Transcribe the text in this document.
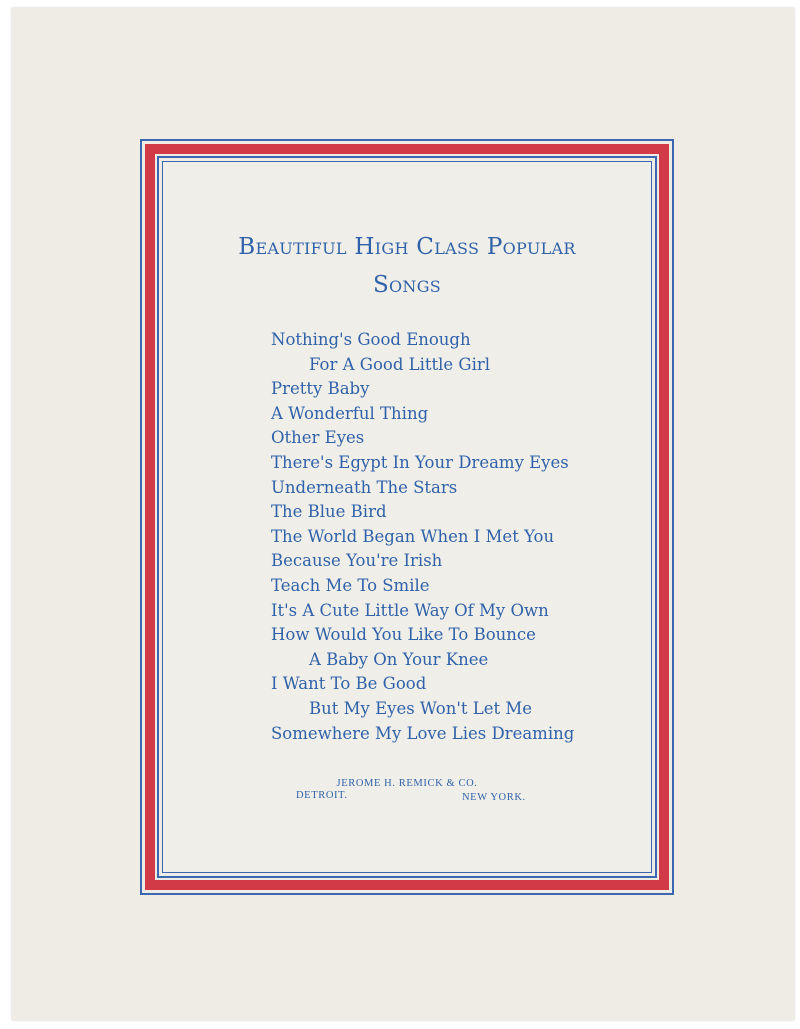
Beautiful High Class Popular
Songs
Nothing's Good Enough
For A Good Little Girl
Pretty Baby
A Wonderful Thing
Other Eyes
There's Egypt In Your Dreamy Eyes
Underneath The Stars
The Blue Bird
The World Began When I Met You
Because You're Irish
Teach Me To Smile
It's A Cute Little Way Of My Own
How Would You Like To Bounce
A Baby On Your Knee
I Want To Be Good
But My Eyes Won't Let Me
Somewhere My Love Lies Dreaming
JEROME H. REMICK & CO.
DETROIT.	NEW YORK.
